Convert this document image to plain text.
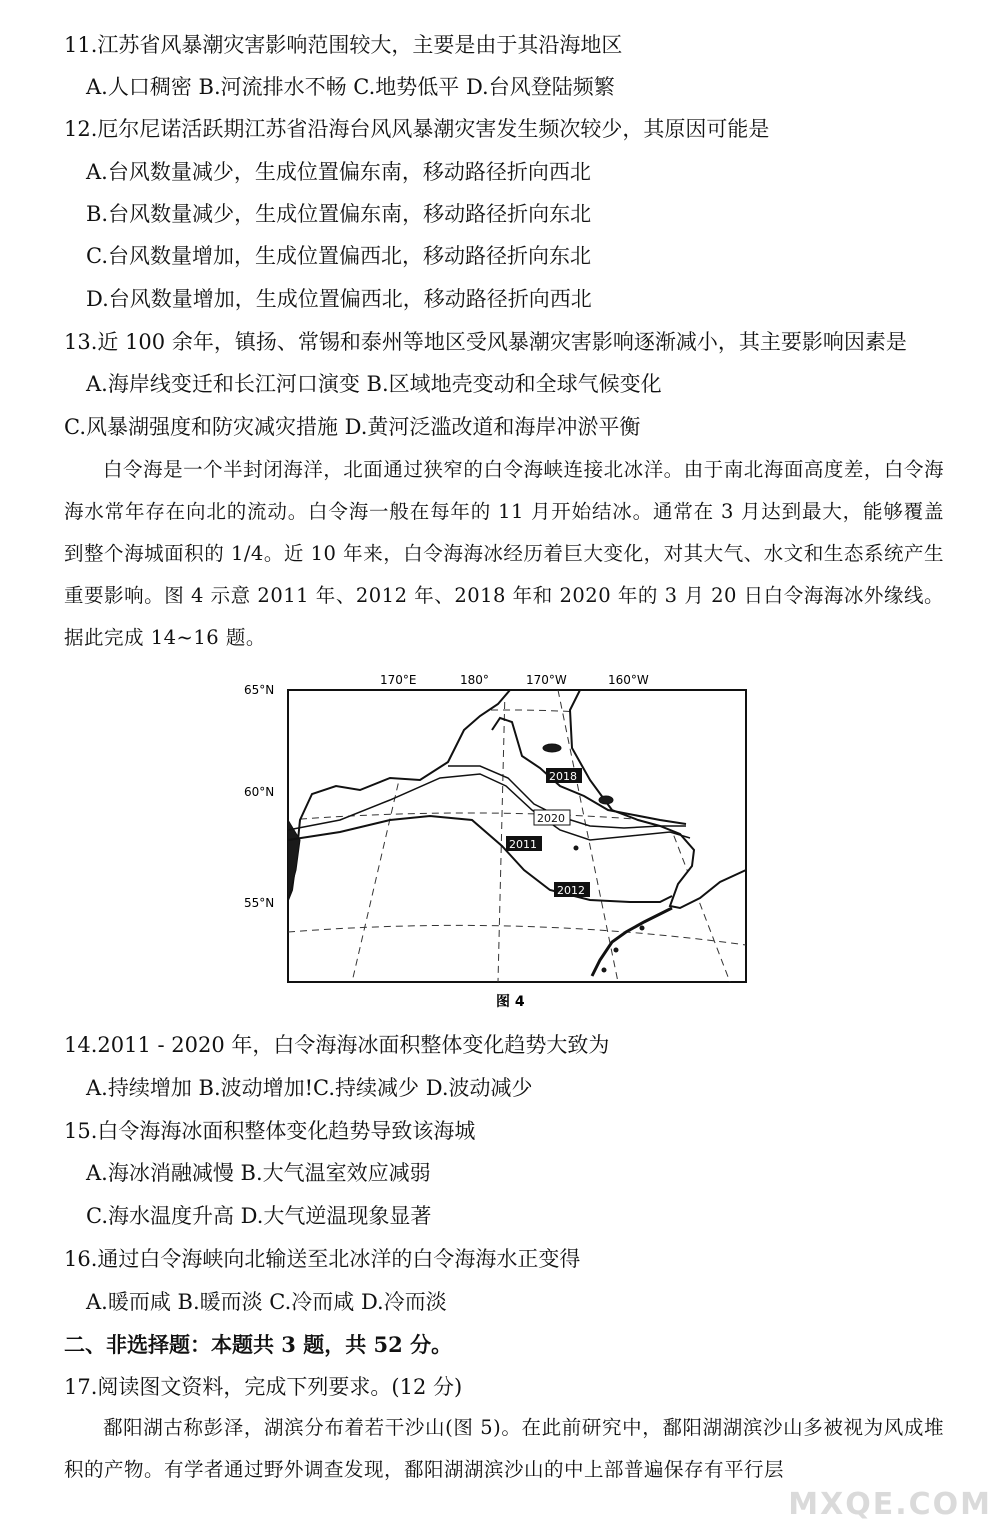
11.江苏省风暴潮灾害影响范围较大，主要是由于其沿海地区
A.人口稠密 B.河流排水不畅 C.地势低平 D.台风登陆频繁
12.厄尔尼诺活跃期江苏省沿海台风风暴潮灾害发生频次较少，其原因可能是
A.台风数量减少，生成位置偏东南，移动路径折向西北
B.台风数量减少，生成位置偏东南，移动路径折向东北
C.台风数量增加，生成位置偏西北，移动路径折向东北
D.台风数量增加，生成位置偏西北，移动路径折向西北
13.近 100 余年，镇扬、常锡和泰州等地区受风暴潮灾害影响逐渐减小，其主要影响因素是
A.海岸线变迁和长江河口演变 B.区域地壳变动和全球气候变化
C.风暴湖强度和防灾减灾措施 D.黄河泛滥改道和海岸冲淤平衡
白令海是一个半封闭海洋，北面通过狭窄的白令海峡连接北冰洋。由于南北海面高度差，白令海海水常年存在向北的流动。白令海一般在每年的 11 月开始结冰。通常在 3 月达到最大，能够覆盖到整个海城面积的 1/4。近 10 年来，白令海海冰经历着巨大变化，对其大气、水文和生态系统产生重要影响。图 4 示意 2011 年、2012 年、2018 年和 2020 年的 3 月 20 日白令海海冰外缘线。据此完成 14~16 题。
170°E	180°	170°W	160°W
65°N
60°N
55°N
2018
2020
2011
2012
图 4
14.2011 - 2020 年，白令海海冰面积整体变化趋势大致为
A.持续增加 B.波动增加!C.持续减少 D.波动减少
15.白令海海冰面积整体变化趋势导致该海城
A.海冰消融减慢 B.大气温室效应减弱
C.海水温度升高 D.大气逆温现象显著
16.通过白令海峡向北输送至北冰洋的白令海海水正变得
A.暖而咸 B.暖而淡 C.冷而咸 D.冷而淡
二、非选择题：本题共 3 题，共 52 分。
17.阅读图文资料，完成下列要求。(12 分)
鄱阳湖古称彭泽，湖滨分布着若干沙山(图 5)。在此前研究中，鄱阳湖湖滨沙山多被视为风成堆积的产物。有学者通过野外调查发现，鄱阳湖湖滨沙山的中上部普遍保存有平行层
MXQE.COM
